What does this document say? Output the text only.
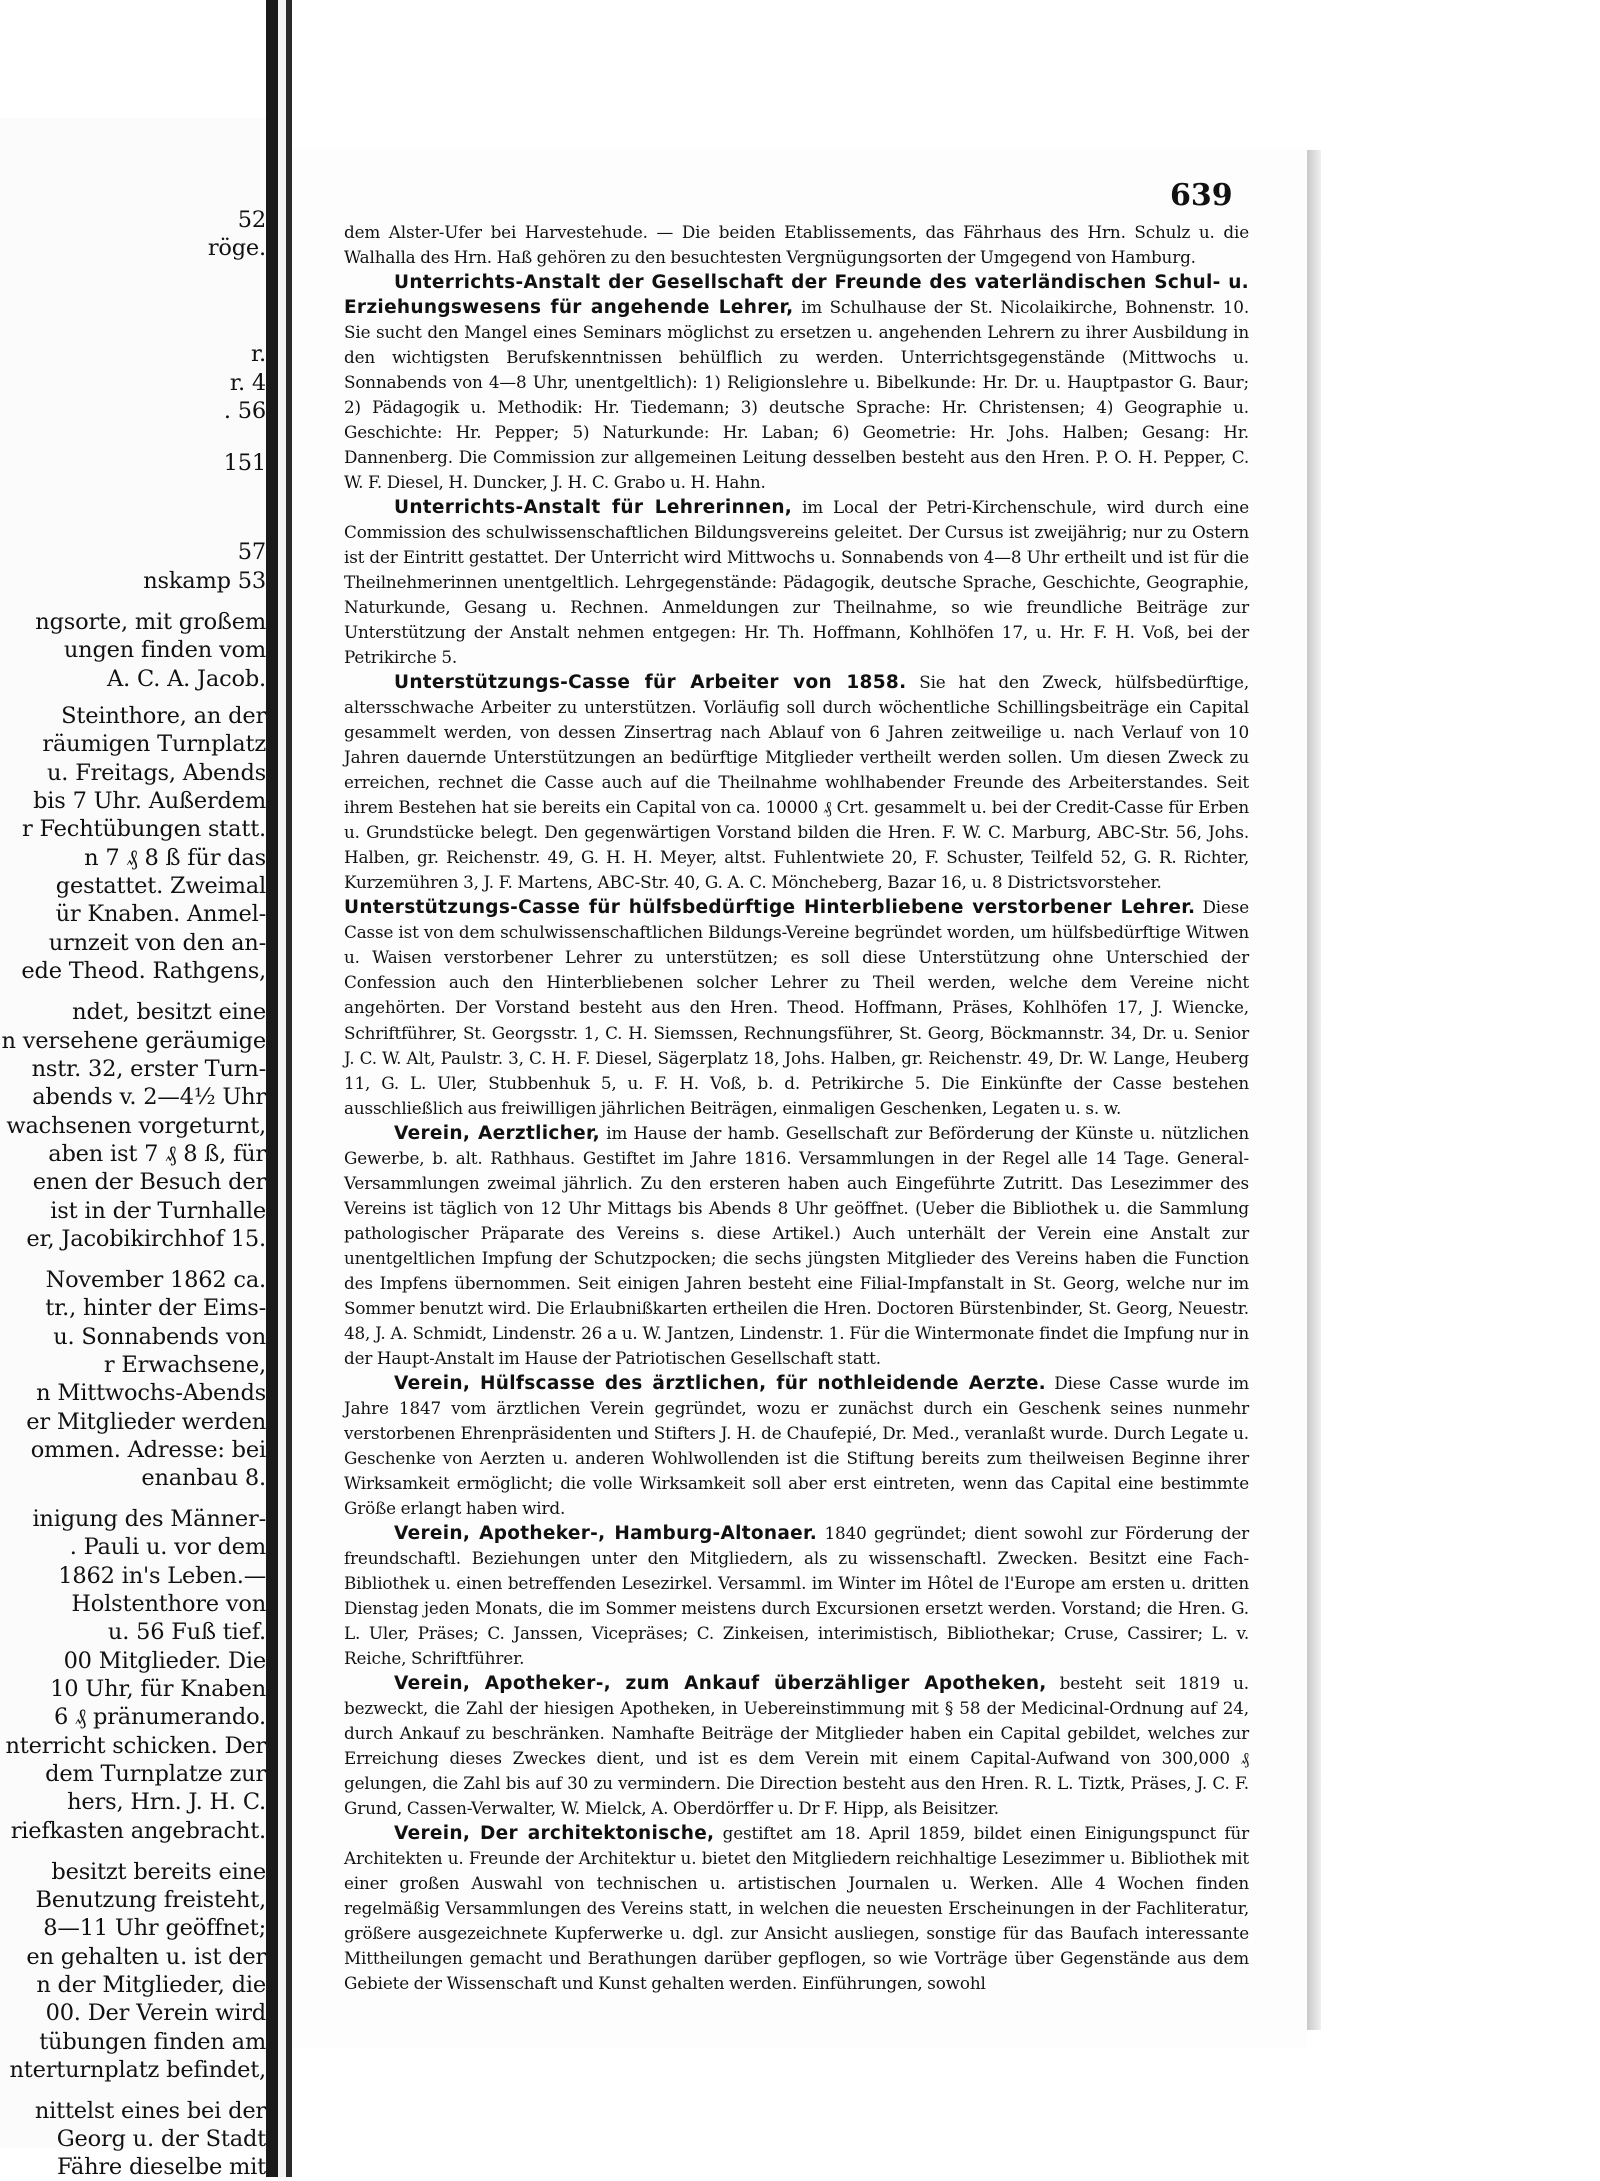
52
röge.
r.
r. 4
. 56
151
57
nskamp 53
ngsorte, mit großem
ungen finden vom
A. C. A. Jacob.
Steinthore, an der
räumigen Turnplatz
u. Freitags, Abends
bis 7 Uhr. Außerdem
r Fechtübungen statt.
n 7 ₰ 8 ß für das
gestattet. Zweimal
ür Knaben. Anmel-
urnzeit von den an-
ede Theod. Rathgens,
ndet, besitzt eine
n versehene geräumige
nstr. 32, erster Turn-
abends v. 2—4½ Uhr
wachsenen vorgeturnt,
aben ist 7 ₰ 8 ß, für
enen der Besuch der
ist in der Turnhalle
er, Jacobikirchhof 15.
November 1862 ca.
tr., hinter der Eims-
u. Sonnabends von
r Erwachsene,
n Mittwochs-Abends
er Mitglieder werden
ommen. Adresse: bei
enanbau 8.
inigung des Männer-
. Pauli u. vor dem
1862 in's Leben.—
Holstenthore von
u. 56 Fuß tief.
00 Mitglieder. Die
10 Uhr, für Knaben
6 ₰ pränumerando.
nterricht schicken. Der
dem Turnplatze zur
hers, Hrn. J. H. C.
riefkasten angebracht.
besitzt bereits eine
Benutzung freisteht,
8—11 Uhr geöffnet;
en gehalten u. ist der
n der Mitglieder, die
00. Der Verein wird
tübungen finden am
nterturnplatz befindet,
nittelst eines bei der
Georg u. der Stadt
Fähre dieselbe mit
639

dem Alster-Ufer bei Harvestehude. — Die beiden Etablissements, das Fährhaus des Hrn. Schulz u. die Walhalla des Hrn. Haß gehören zu den besuchtesten Vergnügungsorten der Umgegend von Hamburg.

Unterrichts-Anstalt der Gesellschaft der Freunde des vaterländischen Schul- u. Erziehungswesens für angehende Lehrer, im Schulhause der St. Nicolaikirche, Bohnenstr. 10. Sie sucht den Mangel eines Seminars möglichst zu ersetzen u. angehenden Lehrern zu ihrer Ausbildung in den wichtigsten Berufskenntnissen behülflich zu werden. Unterrichtsgegenstände (Mittwochs u. Sonnabends von 4—8 Uhr, unentgeltlich): 1) Religionslehre u. Bibelkunde: Hr. Dr. u. Hauptpastor G. Baur; 2) Pädagogik u. Methodik: Hr. Tiedemann; 3) deutsche Sprache: Hr. Christensen; 4) Geographie u. Geschichte: Hr. Pepper; 5) Naturkunde: Hr. Laban; 6) Geometrie: Hr. Johs. Halben; Gesang: Hr. Dannenberg. Die Commission zur allgemeinen Leitung desselben besteht aus den Hren. P. O. H. Pepper, C. W. F. Diesel, H. Duncker, J. H. C. Grabo u. H. Hahn.

Unterrichts-Anstalt für Lehrerinnen, im Local der Petri-Kirchenschule, wird durch eine Commission des schulwissenschaftlichen Bildungsvereins geleitet. Der Cursus ist zweijährig; nur zu Ostern ist der Eintritt gestattet. Der Unterricht wird Mittwochs u. Sonnabends von 4—8 Uhr ertheilt und ist für die Theilnehmerinnen unentgeltlich. Lehrgegenstände: Pädagogik, deutsche Sprache, Geschichte, Geographie, Naturkunde, Gesang u. Rechnen. Anmeldungen zur Theilnahme, so wie freundliche Beiträge zur Unterstützung der Anstalt nehmen entgegen: Hr. Th. Hoffmann, Kohlhöfen 17, u. Hr. F. H. Voß, bei der Petrikirche 5.

Unterstützungs-Casse für Arbeiter von 1858. Sie hat den Zweck, hülfsbedürftige, altersschwache Arbeiter zu unterstützen. Vorläufig soll durch wöchentliche Schillingsbeiträge ein Capital gesammelt werden, von dessen Zinsertrag nach Ablauf von 6 Jahren zeitweilige u. nach Verlauf von 10 Jahren dauernde Unterstützungen an bedürftige Mitglieder vertheilt werden sollen. Um diesen Zweck zu erreichen, rechnet die Casse auch auf die Theilnahme wohlhabender Freunde des Arbeiterstandes. Seit ihrem Bestehen hat sie bereits ein Capital von ca. 10000 ₰ Crt. gesammelt u. bei der Credit-Casse für Erben u. Grundstücke belegt. Den gegenwärtigen Vorstand bilden die Hren. F. W. C. Marburg, ABC-Str. 56, Johs. Halben, gr. Reichenstr. 49, G. H. H. Meyer, altst. Fuhlentwiete 20, F. Schuster, Teilfeld 52, G. R. Richter, Kurzemühren 3, J. F. Martens, ABC-Str. 40, G. A. C. Möncheberg, Bazar 16, u. 8 Districtsvorsteher.

Unterstützungs-Casse für hülfsbedürftige Hinterbliebene verstorbener Lehrer. Diese Casse ist von dem schulwissenschaftlichen Bildungs-Vereine begründet worden, um hülfsbedürftige Witwen u. Waisen verstorbener Lehrer zu unterstützen; es soll diese Unterstützung ohne Unterschied der Confession auch den Hinterbliebenen solcher Lehrer zu Theil werden, welche dem Vereine nicht angehörten. Der Vorstand besteht aus den Hren. Theod. Hoffmann, Präses, Kohlhöfen 17, J. Wiencke, Schriftführer, St. Georgsstr. 1, C. H. Siemssen, Rechnungsführer, St. Georg, Böckmannstr. 34, Dr. u. Senior J. C. W. Alt, Paulstr. 3, C. H. F. Diesel, Sägerplatz 18, Johs. Halben, gr. Reichenstr. 49, Dr. W. Lange, Heuberg 11, G. L. Uler, Stubbenhuk 5, u. F. H. Voß, b. d. Petrikirche 5. Die Einkünfte der Casse bestehen ausschließlich aus freiwilligen jährlichen Beiträgen, einmaligen Geschenken, Legaten u. s. w.

Verein, Aerztlicher, im Hause der hamb. Gesellschaft zur Beförderung der Künste u. nützlichen Gewerbe, b. alt. Rathhaus. Gestiftet im Jahre 1816. Versammlungen in der Regel alle 14 Tage. General-Versammlungen zweimal jährlich. Zu den ersteren haben auch Eingeführte Zutritt. Das Lesezimmer des Vereins ist täglich von 12 Uhr Mittags bis Abends 8 Uhr geöffnet. (Ueber die Bibliothek u. die Sammlung pathologischer Präparate des Vereins s. diese Artikel.) Auch unterhält der Verein eine Anstalt zur unentgeltlichen Impfung der Schutzpocken; die sechs jüngsten Mitglieder des Vereins haben die Function des Impfens übernommen. Seit einigen Jahren besteht eine Filial-Impfanstalt in St. Georg, welche nur im Sommer benutzt wird. Die Erlaubnißkarten ertheilen die Hren. Doctoren Bürstenbinder, St. Georg, Neuestr. 48, J. A. Schmidt, Lindenstr. 26 a u. W. Jantzen, Lindenstr. 1. Für die Wintermonate findet die Impfung nur in der Haupt-Anstalt im Hause der Patriotischen Gesellschaft statt.

Verein, Hülfscasse des ärztlichen, für nothleidende Aerzte. Diese Casse wurde im Jahre 1847 vom ärztlichen Verein gegründet, wozu er zunächst durch ein Geschenk seines nunmehr verstorbenen Ehrenpräsidenten und Stifters J. H. de Chaufepié, Dr. Med., veranlaßt wurde. Durch Legate u. Geschenke von Aerzten u. anderen Wohlwollenden ist die Stiftung bereits zum theilweisen Beginne ihrer Wirksamkeit ermöglicht; die volle Wirksamkeit soll aber erst eintreten, wenn das Capital eine bestimmte Größe erlangt haben wird.

Verein, Apotheker-, Hamburg-Altonaer. 1840 gegründet; dient sowohl zur Förderung der freundschaftl. Beziehungen unter den Mitgliedern, als zu wissenschaftl. Zwecken. Besitzt eine Fach-Bibliothek u. einen betreffenden Lesezirkel. Versamml. im Winter im Hôtel de l'Europe am ersten u. dritten Dienstag jeden Monats, die im Sommer meistens durch Excursionen ersetzt werden. Vorstand; die Hren. G. L. Uler, Präses; C. Janssen, Vicepräses; C. Zinkeisen, interimistisch, Bibliothekar; Cruse, Cassirer; L. v. Reiche, Schriftführer.

Verein, Apotheker-, zum Ankauf überzähliger Apotheken, besteht seit 1819 u. bezweckt, die Zahl der hiesigen Apotheken, in Uebereinstimmung mit § 58 der Medicinal-Ordnung auf 24, durch Ankauf zu beschränken. Namhafte Beiträge der Mitglieder haben ein Capital gebildet, welches zur Erreichung dieses Zweckes dient, und ist es dem Verein mit einem Capital-Aufwand von 300,000 ₰ gelungen, die Zahl bis auf 30 zu vermindern. Die Direction besteht aus den Hren. R. L. Tiztk, Präses, J. C. F. Grund, Cassen-Verwalter, W. Mielck, A. Oberdörffer u. Dr F. Hipp, als Beisitzer.

Verein, Der architektonische, gestiftet am 18. April 1859, bildet einen Einigungspunct für Architekten u. Freunde der Architektur u. bietet den Mitgliedern reichhaltige Lesezimmer u. Bibliothek mit einer großen Auswahl von technischen u. artistischen Journalen u. Werken. Alle 4 Wochen finden regelmäßig Versammlungen des Vereins statt, in welchen die neuesten Erscheinungen in der Fachliteratur, größere ausgezeichnete Kupferwerke u. dgl. zur Ansicht ausliegen, sonstige für das Baufach interessante Mittheilungen gemacht und Berathungen darüber gepflogen, so wie Vorträge über Gegenstände aus dem Gebiete der Wissenschaft und Kunst gehalten werden. Einführungen, sowohl
